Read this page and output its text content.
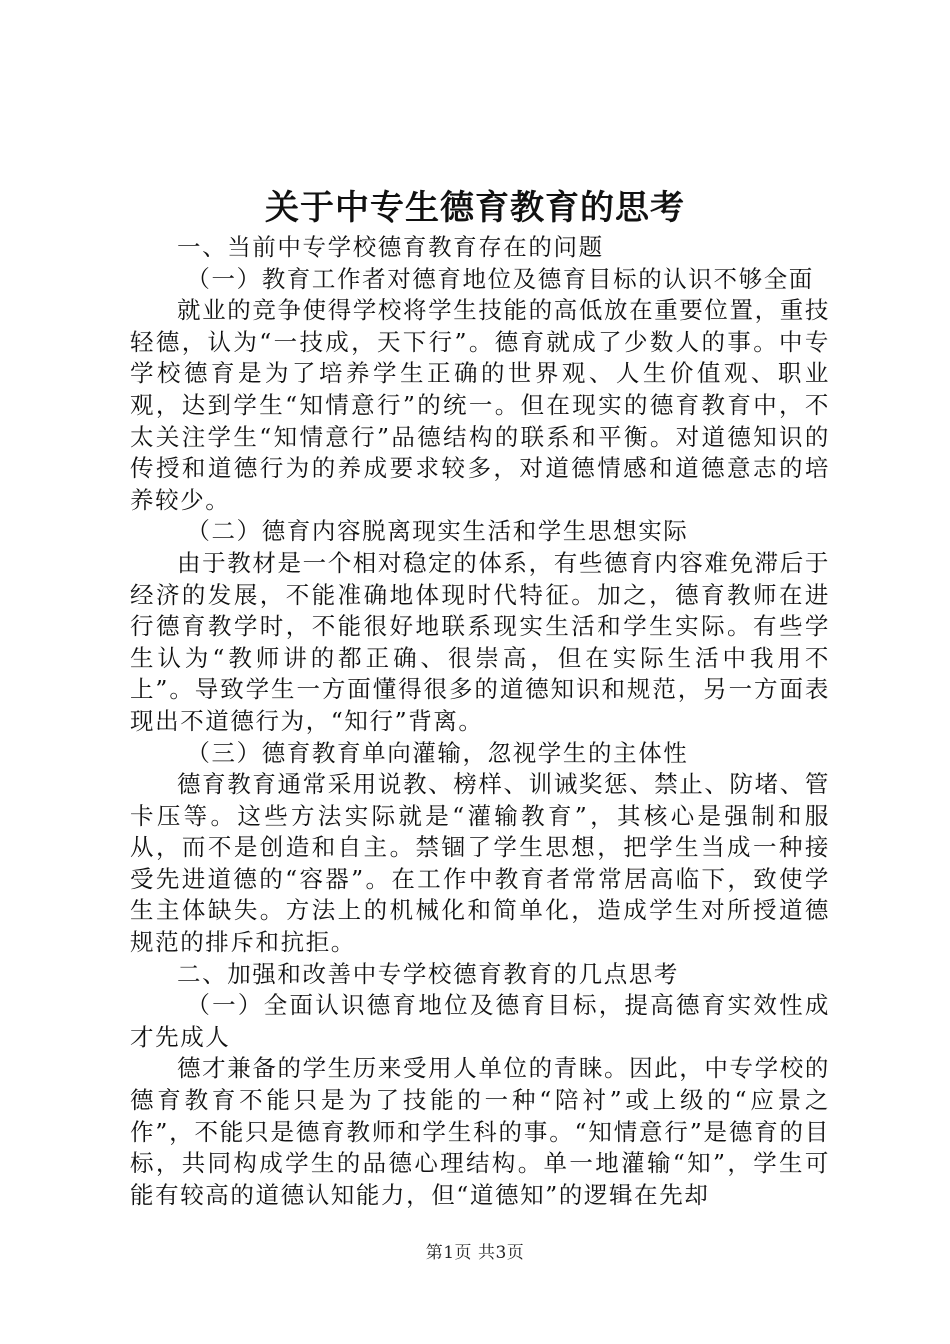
关于中专生德育教育的思考

一、当前中专学校德育教育存在的问题

（一）教育工作者对德育地位及德育目标的认识不够全面

就业的竞争使得学校将学生技能的高低放在重要位置，重技轻德，认为“一技成，天下行”。德育就成了少数人的事。中专学校德育是为了培养学生正确的世界观、人生价值观、职业观，达到学生“知情意行”的统一。但在现实的德育教育中，不太关注学生“知情意行”品德结构的联系和平衡。对道德知识的传授和道德行为的养成要求较多，对道德情感和道德意志的培养较少。

（二）德育内容脱离现实生活和学生思想实际

由于教材是一个相对稳定的体系，有些德育内容难免滞后于经济的发展，不能准确地体现时代特征。加之，德育教师在进行德育教学时，不能很好地联系现实生活和学生实际。有些学生认为“教师讲的都正确、很崇高，但在实际生活中我用不上”。导致学生一方面懂得很多的道德知识和规范，另一方面表现出不道德行为，“知行”背离。

（三）德育教育单向灌输，忽视学生的主体性

德育教育通常采用说教、榜样、训诫奖惩、禁止、防堵、管卡压等。这些方法实际就是“灌输教育”，其核心是强制和服从，而不是创造和自主。禁锢了学生思想，把学生当成一种接受先进道德的“容器”。在工作中教育者常常居高临下，致使学生主体缺失。方法上的机械化和简单化，造成学生对所授道德规范的排斥和抗拒。

二、加强和改善中专学校德育教育的几点思考

（一）全面认识德育地位及德育目标，提高德育实效性成才先成人

德才兼备的学生历来受用人单位的青睐。因此，中专学校的德育教育不能只是为了技能的一种“陪衬”或上级的“应景之作”，不能只是德育教师和学生科的事。“知情意行”是德育的目标，共同构成学生的品德心理结构。单一地灌输“知”，学生可能有较高的道德认知能力，但“道德知”的逻辑在先却

第1页 共3页
